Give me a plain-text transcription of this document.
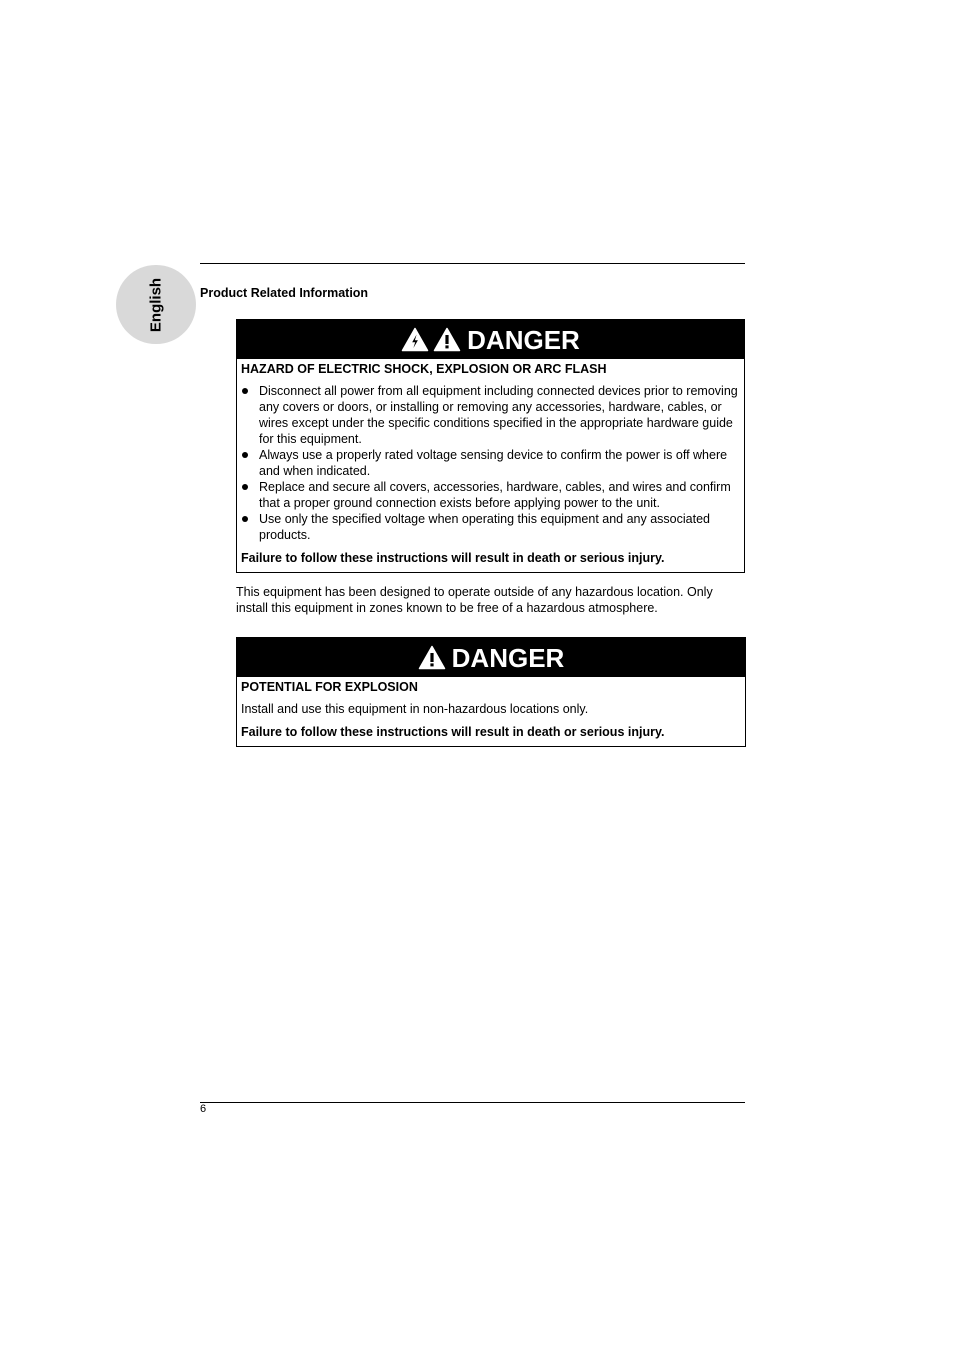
English	Product Related Information
DANGER

HAZARD OF ELECTRIC SHOCK, EXPLOSION OR ARC FLASH

Disconnect all power from all equipment including connected devices prior to removing any covers or doors, or installing or removing any accessories, hardware, cables, or wires except under the specific conditions specified in the appropriate hardware guide for this equipment.
Always use a properly rated voltage sensing device to confirm the power is off where and when indicated.
Replace and secure all covers, accessories, hardware, cables, and wires and confirm that a proper ground connection exists before applying power to the unit.
Use only the specified voltage when operating this equipment and any associated products.

Failure to follow these instructions will result in death or serious injury.

This equipment has been designed to operate outside of any hazardous location. Only install this equipment in zones known to be free of a hazardous atmosphere.
DANGER

POTENTIAL FOR EXPLOSION

Install and use this equipment in non-hazardous locations only.

Failure to follow these instructions will result in death or serious injury.

6
